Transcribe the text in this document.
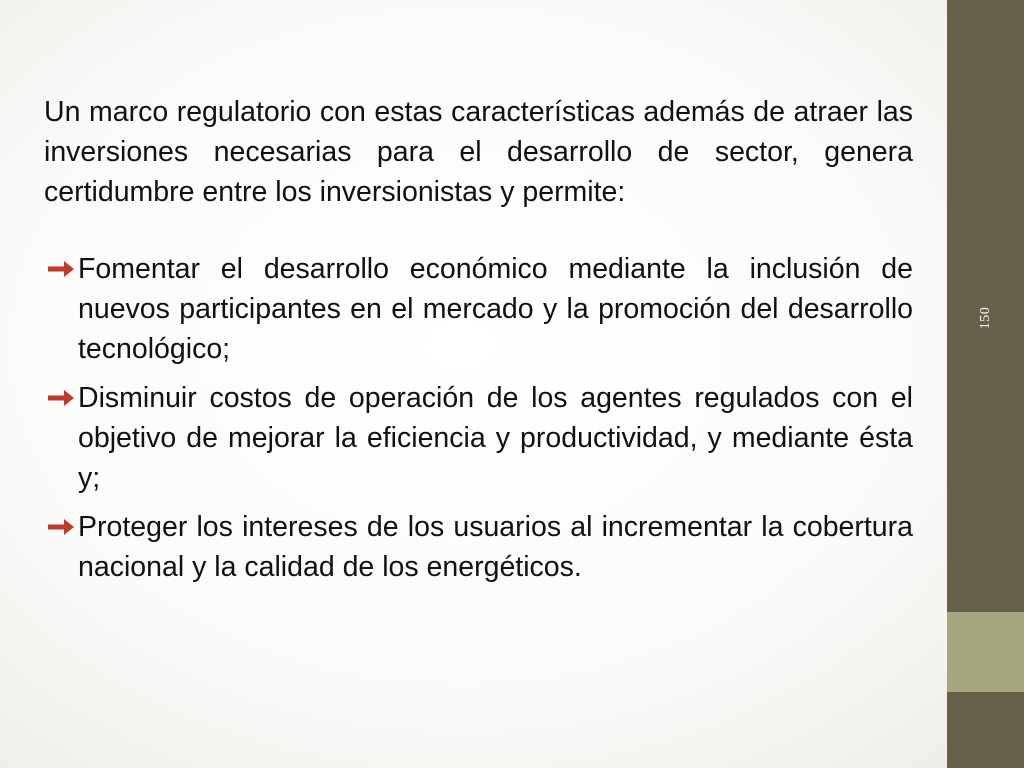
Un marco regulatorio con estas características además de atraer las inversiones necesarias para el desarrollo de sector, genera certidumbre entre los inversionistas y permite:

Fomentar el desarrollo económico mediante la inclusión de nuevos participantes en el mercado y la promoción del desarrollo tecnológico;
Disminuir costos de operación de los agentes regulados con el objetivo de mejorar la eficiencia y productividad, y mediante ésta y;
Proteger los intereses de los usuarios al incrementar la cobertura nacional y la calidad de los energéticos.
150
